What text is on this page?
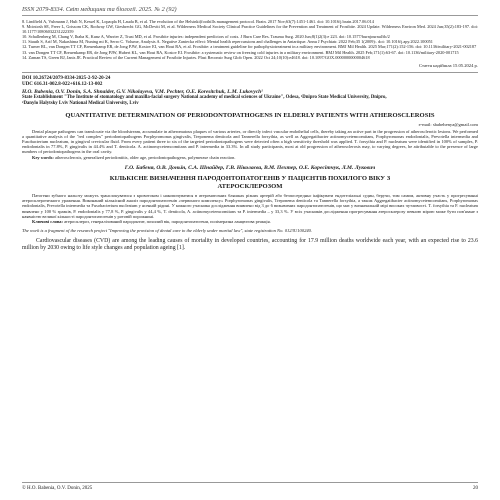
ISSN 2079-8334. Світ медицини та біології. 2025. № 2 (92)

8. Lindfield A, Vuhmann J, Hult N, Kessel K, Lopaqda H, Lauda B, et al. The evolution of the Helsinki(foothills management protocol. Brain. 2017 Nov;63(7):1451-1461. doi: 10.1016/j.brain.2017.06.014

9. Mcintosh SE, Freer L, Grissom CK, Rodway GW, Giesbrecht GG, McDevitt M, et al. Wilderness Medical Society Clinical Practice Guidelines for the Prevention and Treatment of Frostbite. 2024 Update. Wilderness Environ Med. 2024 Jun;35(2):183-197. doi: 10.1177/10806032231222359

10. Schallenberg M, Chang V, Ibaba K, Kunz A, Warrier Z, Trust MD, et al. Frostbite injuries: independent predictors of costs. J Burn Care Res. Trauma Surg. 2020 Jun;8(1)2(3):e 223. doi: 10.1577/burnjournal/tb/2

11. Stauth S, Arif M, Nakashima M, Nuning mi K, Serro C. Volume, Analysis A. Negative Zaniecka effect: Mental health repercussions and challenges in Antartique. Annu J Psychiatr. 2022 Feb;35 1(2009):. doi: 10.1016/j.apy.2022.100051

12. Turner RL, van Dongen TT CF, Breuenkamp ER, de Jong PJW, Kostov EI, van Hout RA, et al. Frostbite: a treatment guideline for pathophysiotreatment in a military environment. BMJ Mil Health. 2025 Mar;171(2):152-156. doi: 10.1136/military-2021-002187

13. van Dongen TT CF, Breuenkamp ER, de Jong PJW, Hubert KL, van Hout RA, Kostov EI. Frostbite: a systematic review on freezing cold injuries in a military environment. BMJ Mil Health. 2025 Feb;171(1):63-67. doi: 10.1136/military-2020-001715

14. Zaman TS, Green RJ, Janis JE. Practical Review of the Current Management of Frostbite Injuries. Plast Reconstr Surg Glob Open. 2022 Oct 24;10(10):e4618. doi: 10.1097/GOX.0000000000004618

Стаття надійшла 15.05.2024 р.
DOI 10.26724/2079-8334-2025-2-92-20-24
UDC 616.31-002.8-022+616.12-13-002
H.O. Babenia, O.V. Donin, S.A. Shnaider, G.V. Nikolayeva, V.M. Pechter, O.E. Koresitchuk, L.M. Lukovych¹
State Establishment "The Institute of stomatology and maxilla-facial surgery National academy of medical sciences of Ukraine", Odesa, ¹Dnipro State Medical University, Dnipro,
²Danylo Halytsky Lviv National Medical University, Lviv
QUANTITATIVE DETERMINATION OF PERIODONTOPATHOGENS IN ELDERLY PATIENTS WITH ATHEROSCLEROSIS
e-mail: sbabehenya@gmail.com

Dental plaque pathogens can translocate via the bloodstream, accumulate in atheromatous plaques of various arteries, or directly infect vascular endothelial cells, thereby taking an active part in the progression of atherosclerotic lesions. We performed a quantitative analysis of the "red complex" periodontopathogens Porphyromonas gingivalis, Treponema denticola and Tannerella forsythia, as well as Aggregatibacter actinomycetemcomitans, Porphyromonas endodontalis, Prevotella intermedia and Fusobacterium nucleatum, in gingival crevicular fluid. From every patient three to six of the targeted periodontopathogens were detected often a high sensitivity threshold was applied. T. forsythia and P. nucleatum were identified in 100% of samples, P. endodontalis in 77.8%, P. gingivalis in 44.4% and T. denticola. A. actinomycetemcomitans and P. intermedia in 33.3%. In all study participants, most at old progression of atherosclerosis may, to varying degrees, be attributable to the presence of large numbers of periodontopathogens in the oral cavity.

Key words: atherosclerosis, generalized periodontitis, older age, periodontopathogens, polymerase chain reaction.

Г.О. Бабеня, О.В. Доньїн, С.А. Шнайдер, Г.В. Ніколаєва, В.М. Пехтер, О.Е. Коресітчук, Л.М. Лукович
КІЛЬКІСНЕ ВИЗНАЧЕННЯ ПАРОДОНТОПАТОГЕНІВ У ПАЦІЄНТІВ ПОХИЛОГО ВІКУ З АТЕРОСКЛЕРОЗОМ

Патогени зубного нальоту можуть транслокуватися з кровотоком і накопичуватися в атероматозних бляшках різних артерій або безпосередньо інфікувати ендотеліальні судин, беручи, тим самим, активну участь у прогресуванні атеросклеротичного ураження. Виконаний кількісний аналіз пародонтопатогенів «червоного комплексу» Porphyromonas gingivalis, Treponema denticola та Tannerella forsythia, а також Aggregatibacter actinomycetemcomitans, Porphyromonas endodontalis, Prevotella intermedia та Fusobacterium nucleatum у ясенній рідині. У кожного учасника дослідження виявлено від 3 до 6 визначених пародонтопатогенів, що має у визначальній мірі високих чутливості. T. forsythia та F. nucleatum виявлено у 100 % зразків, P. endodontalis у 77,8 %, P. gingivalis у 44,4 %, T. denticola, A. actinomycetemcomitans та P. intermedia – у 33,3 %. У всіх учасників дослідження прогресування атеросклерозу певною мірою може бути пов'язане з наявністю великої кількості пародонтопатогенів у ротовій порожнині.

Ключові слова: атеросклероз, генералізований пародонтит, похилий вік, пародонтопатогени, полімеразна ланцюгова реакція.

The work is a fragment of the research project "Improving the provision of dental care to the elderly under martial law", state registration No. 0123U100240.

Cardiovascular diseases (CVD) are among the leading causes of mortality in developed countries, accounting for 17.9 million deaths worldwide each year, with an expected rise to 23.6 million by 2030 owing to life style changes and population ageing [1].

© H.O. Babenia, O.V. Donin, 2025	20
